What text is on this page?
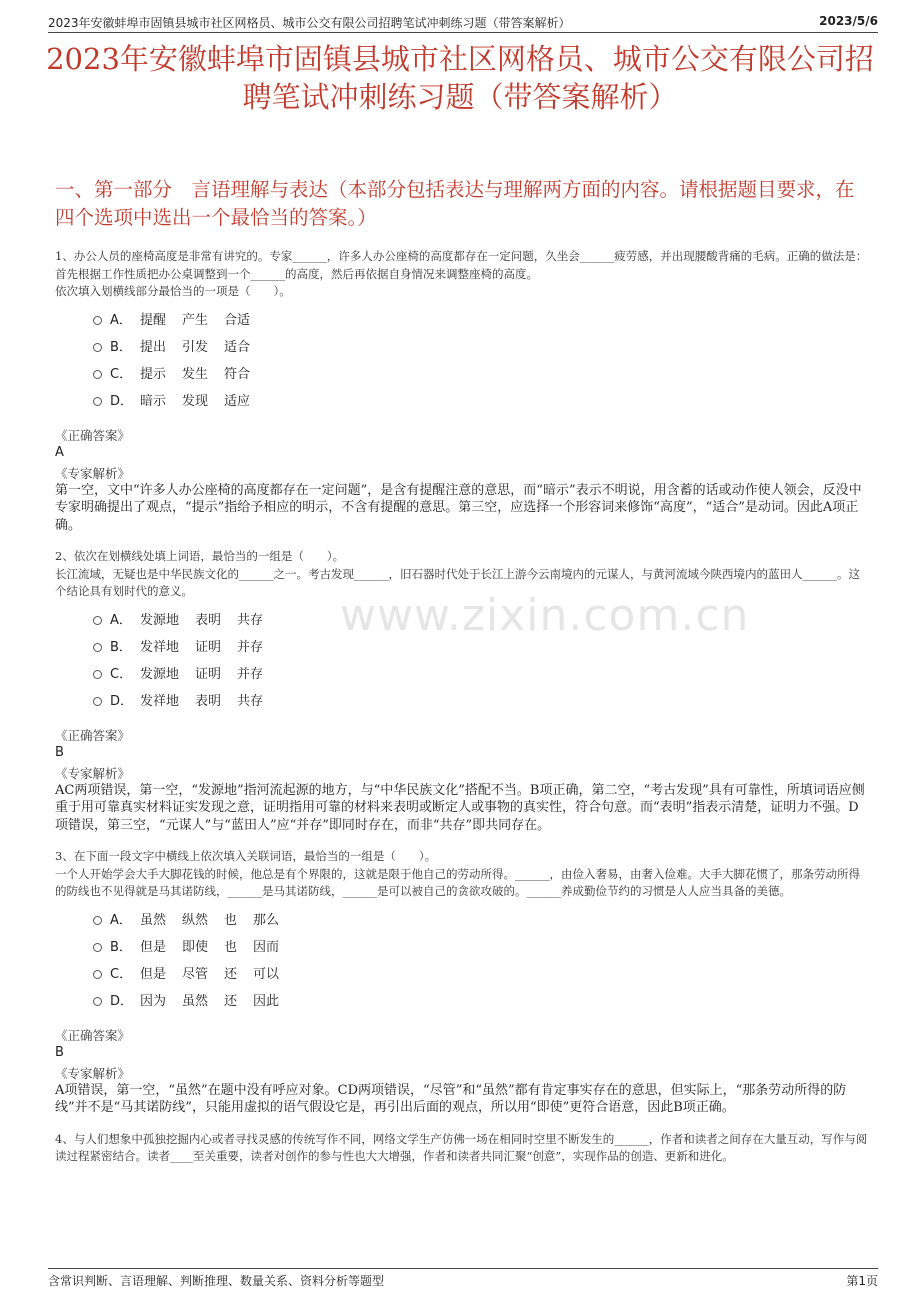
2023年安徽蚌埠市固镇县城市社区网格员、城市公交有限公司招聘笔试冲刺练习题（带答案解析）	2023/5/6
2023年安徽蚌埠市固镇县城市社区网格员、城市公交有限公司招聘笔试冲刺练习题（带答案解析）
一、第一部分　言语理解与表达（本部分包括表达与理解两方面的内容。请根据题目要求，在四个选项中选出一个最恰当的答案。）
www.zixin.com.cn
1、办公人员的座椅高度是非常有讲究的。专家______，许多人办公座椅的高度都存在一定问题，久坐会______疲劳感，并出现腰酸背痛的毛病。正确的做法是：首先根据工作性质把办公桌调整到一个______的高度，然后再依据自身情况来调整座椅的高度。
依次填入划横线部分最恰当的一项是（　　）。
A． 提醒 产生 合适
B． 提出 引发 适合
C． 提示 发生 符合
D． 暗示 发现 适应
《正确答案》
A
《专家解析》
第一空，文中“许多人办公座椅的高度都存在一定问题”，是含有提醒注意的意思，而“暗示”表示不明说，用含蓄的话或动作使人领会，反没中专家明确提出了观点，“提示”指给予相应的明示，不含有提醒的意思。第三空，应选择一个形容词来修饰“高度”，“适合”是动词。因此A项正确。
2、依次在划横线处填上词语，最恰当的一组是（　　）。
长江流域，无疑也是中华民族文化的______之一。考古发现______，旧石器时代处于长江上游今云南境内的元谋人，与黄河流域今陕西境内的蓝田人______。这个结论具有划时代的意义。
A． 发源地 表明 共存
B． 发祥地 证明 并存
C． 发源地 证明 并存
D． 发祥地 表明 共存
《正确答案》
B
《专家解析》
AC两项错误，第一空，“发源地”指河流起源的地方，与“中华民族文化”搭配不当。B项正确，第二空，“考古发现”具有可靠性，所填词语应侧重于用可靠真实材料证实发现之意，证明指用可靠的材料来表明或断定人或事物的真实性，符合句意。而“表明”指表示清楚，证明力不强。D项错误，第三空，“元谋人”与“蓝田人”应“并存”即同时存在，而非“共存”即共同存在。
3、在下面一段文字中横线上依次填入关联词语，最恰当的一组是（　　）。
一个人开始学会大手大脚花钱的时候，他总是有个界限的，这就是限于他自己的劳动所得。______，由俭入奢易，由奢入俭难。大手大脚花惯了，那条劳动所得的防线也不见得就是马其诺防线，______是马其诺防线，______是可以被自己的贪欲攻破的。______养成勤俭节约的习惯是人人应当具备的美德。
A． 虽然 纵然 也 那么
B． 但是 即使 也 因而
C． 但是 尽管 还 可以
D． 因为 虽然 还 因此
《正确答案》
B
《专家解析》
A项错误，第一空，“虽然”在题中没有呼应对象。CD两项错误，“尽管”和“虽然”都有肯定事实存在的意思，但实际上，“那条劳动所得的防线”并不是“马其诺防线”，只能用虚拟的语气假设它是，再引出后面的观点，所以用“即使”更符合语意，因此B项正确。
4、与人们想象中孤独挖掘内心或者寻找灵感的传统写作不同，网络文学生产仿佛一场在相同时空里不断发生的______，作者和读者之间存在大量互动，写作与阅读过程紧密结合。读者____至关重要，读者对创作的参与性也大大增强，作者和读者共同汇聚“创意”，实现作品的创造、更新和进化。
含常识判断、言语理解、判断推理、数量关系、资料分析等题型	第1页
